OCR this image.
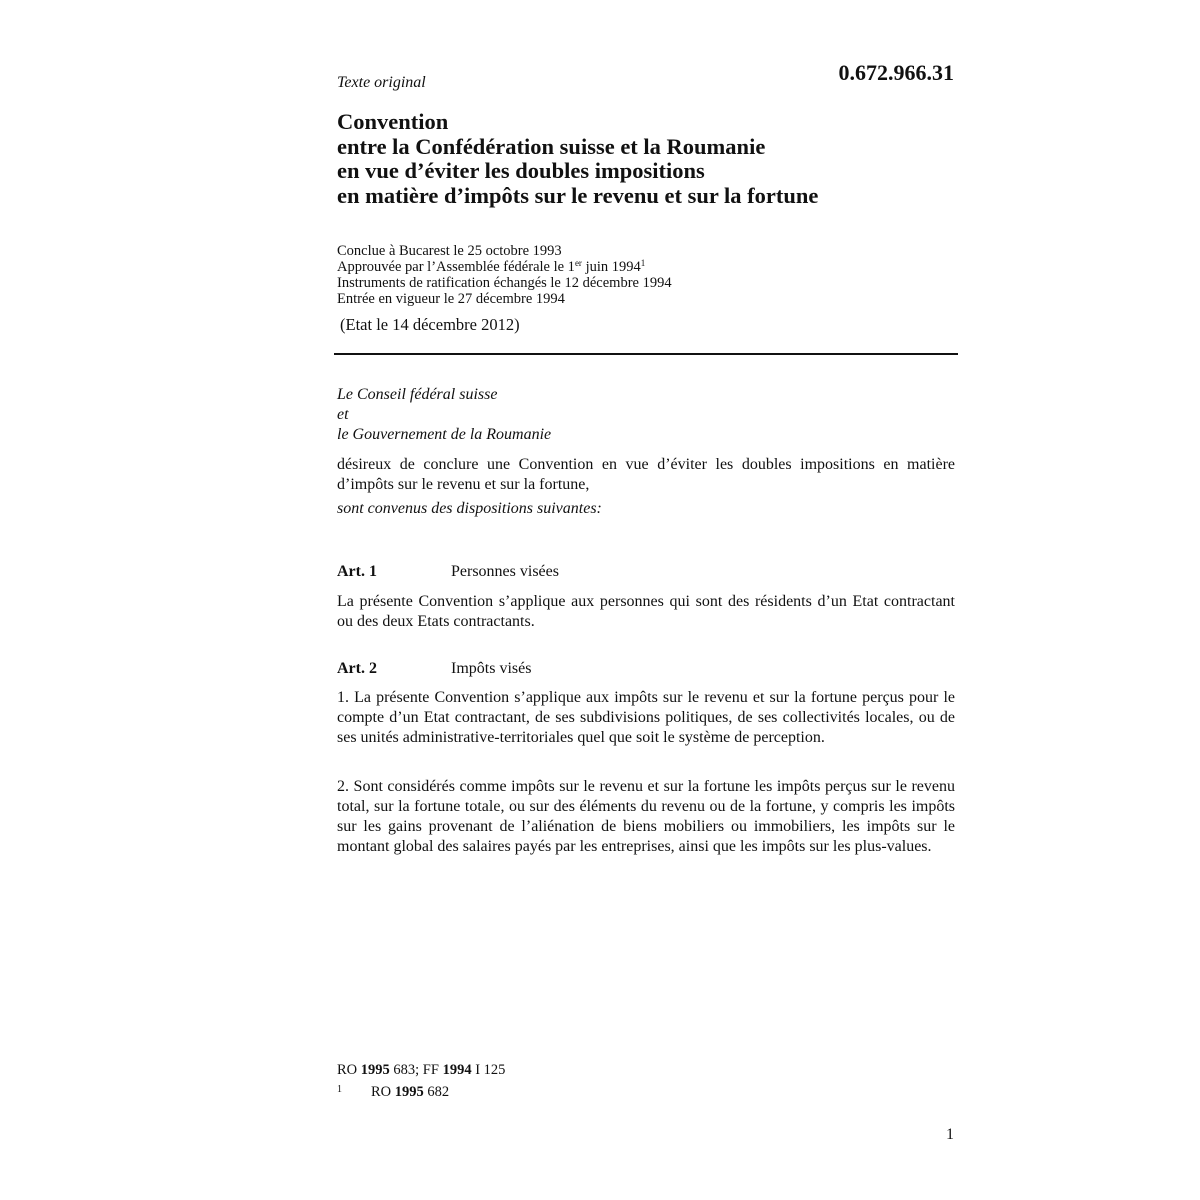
Texte original	0.672.966.31
Convention
entre la Confédération suisse et la Roumanie
en vue d’éviter les doubles impositions
en matière d’impôts sur le revenu et sur la fortune
Conclue à Bucarest le 25 octobre 1993
Approuvée par l’Assemblée fédérale le 1er juin 1994$^1$
Instruments de ratification échangés le 12 décembre 1994
Entrée en vigueur le 27 décembre 1994
(Etat le 14 décembre 2012)
Le Conseil fédéral suisse
et
le Gouvernement de la Roumanie
désireux de conclure une Convention en vue d’éviter les doubles impositions en matière d’impôts sur le revenu et sur la fortune,
sont convenus des dispositions suivantes:
Art. 1	Personnes visées
La présente Convention s’applique aux personnes qui sont des résidents d’un Etat contractant ou des deux Etats contractants.
Art. 2	Impôts visés
1. La présente Convention s’applique aux impôts sur le revenu et sur la fortune perçus pour le compte d’un Etat contractant, de ses subdivisions politiques, de ses collectivités locales, ou de ses unités administrative-territoriales quel que soit le système de perception.
2. Sont considérés comme impôts sur le revenu et sur la fortune les impôts perçus sur le revenu total, sur la fortune totale, ou sur des éléments du revenu ou de la fortune, y compris les impôts sur les gains provenant de l’aliénation de biens mobiliers ou immobiliers, les impôts sur le montant global des salaires payés par les entreprises, ainsi que les impôts sur les plus-values.
RO 1995 683; FF 1994 I 125
1 RO 1995 682
1
